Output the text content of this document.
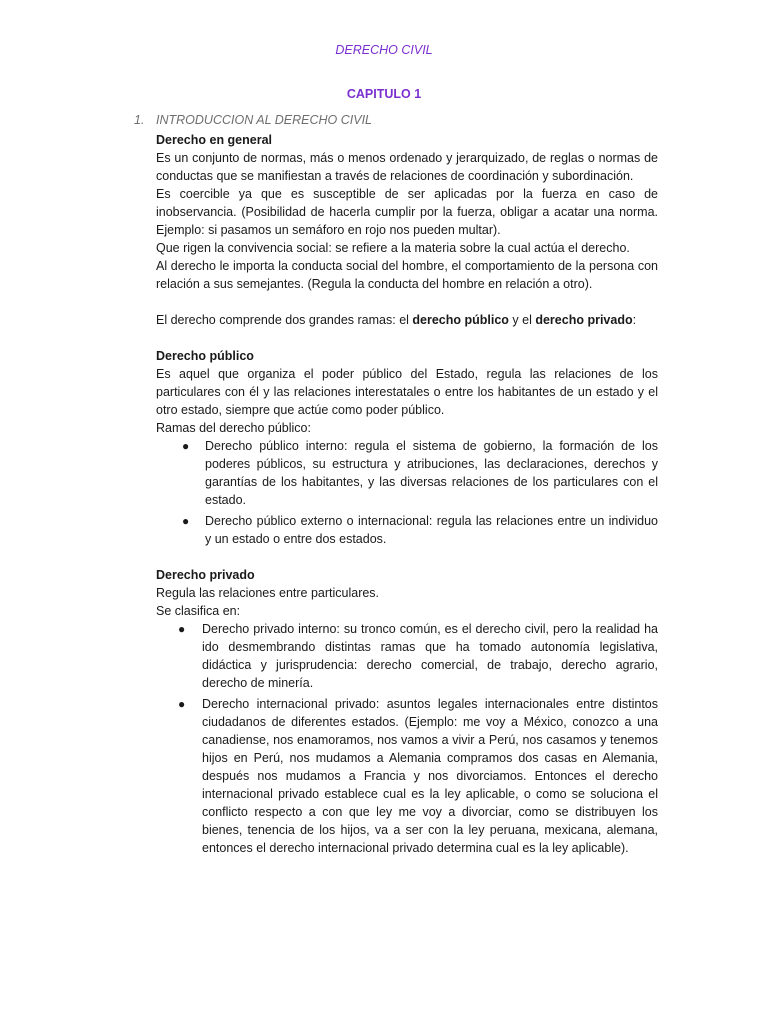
DERECHO CIVIL
CAPITULO 1
1. INTRODUCCION AL DERECHO CIVIL

Derecho en general

Es un conjunto de normas, más o menos ordenado y jerarquizado, de reglas o normas de conductas que se manifiestan a través de relaciones de coordinación y subordinación.

Es coercible ya que es susceptible de ser aplicadas por la fuerza en caso de inobservancia. (Posibilidad de hacerla cumplir por la fuerza, obligar a acatar una norma. Ejemplo: si pasamos un semáforo en rojo nos pueden multar).

Que rigen la convivencia social: se refiere a la materia sobre la cual actúa el derecho.

Al derecho le importa la conducta social del hombre, el comportamiento de la persona con relación a sus semejantes. (Regula la conducta del hombre en relación a otro).

El derecho comprende dos grandes ramas: el derecho público y el derecho privado:

Derecho público

Es aquel que organiza el poder público del Estado, regula las relaciones de los particulares con él y las relaciones interestatales o entre los habitantes de un estado y el otro estado, siempre que actúe como poder público.

Ramas del derecho público:

● Derecho público interno: regula el sistema de gobierno, la formación de los poderes públicos, su estructura y atribuciones, las declaraciones, derechos y garantías de los habitantes, y las diversas relaciones de los particulares con el estado.
● Derecho público externo o internacional: regula las relaciones entre un individuo y un estado o entre dos estados.

Derecho privado

Regula las relaciones entre particulares.

Se clasifica en:

● Derecho privado interno: su tronco común, es el derecho civil, pero la realidad ha ido desmembrando distintas ramas que ha tomado autonomía legislativa, didáctica y jurisprudencia: derecho comercial, de trabajo, derecho agrario, derecho de minería.
● Derecho internacional privado: asuntos legales internacionales entre distintos ciudadanos de diferentes estados. (Ejemplo: me voy a México, conozco a una canadiense, nos enamoramos, nos vamos a vivir a Perú, nos casamos y tenemos hijos en Perú, nos mudamos a Alemania compramos dos casas en Alemania, después nos mudamos a Francia y nos divorciamos. Entonces el derecho internacional privado establece cual es la ley aplicable, o como se soluciona el conflicto respecto a con que ley me voy a divorciar, como se distribuyen los bienes, tenencia de los hijos, va a ser con la ley peruana, mexicana, alemana, entonces el derecho internacional privado determina cual es la ley aplicable).
